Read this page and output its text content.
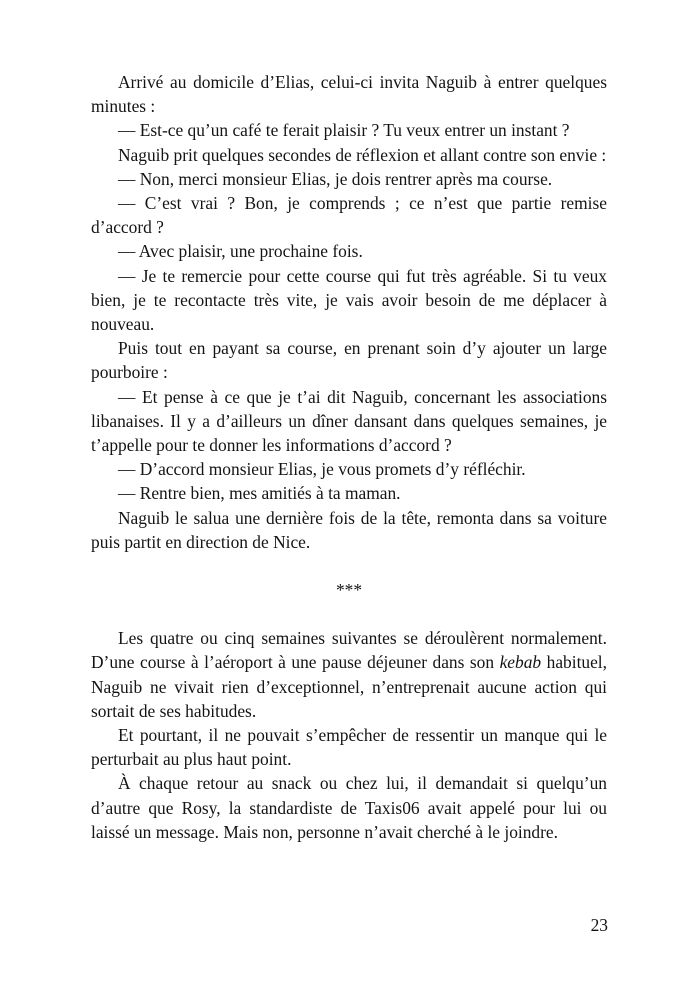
Arrivé au domicile d’Elias, celui-ci invita Naguib à entrer quelques minutes :

— Est-ce qu’un café te ferait plaisir ? Tu veux entrer un instant ?

Naguib prit quelques secondes de réflexion et allant contre son envie :

— Non, merci monsieur Elias, je dois rentrer après ma course.

— C’est vrai ? Bon, je comprends ; ce n’est que partie remise d’accord ?

— Avec plaisir, une prochaine fois.

— Je te remercie pour cette course qui fut très agréable. Si tu veux bien, je te recontacte très vite, je vais avoir besoin de me déplacer à nouveau.

Puis tout en payant sa course, en prenant soin d’y ajouter un large pourboire :

— Et pense à ce que je t’ai dit Naguib, concernant les associations libanaises. Il y a d’ailleurs un dîner dansant dans quelques semaines, je t’appelle pour te donner les informations d’accord ?

— D’accord monsieur Elias, je vous promets d’y réfléchir.

— Rentre bien, mes amitiés à ta maman.

Naguib le salua une dernière fois de la tête, remonta dans sa voiture puis partit en direction de Nice.

***

Les quatre ou cinq semaines suivantes se déroulèrent normalement. D’une course à l’aéroport à une pause déjeuner dans son kebab habituel, Naguib ne vivait rien d’exceptionnel, n’entreprenait aucune action qui sortait de ses habitudes.

Et pourtant, il ne pouvait s’empêcher de ressentir un manque qui le perturbait au plus haut point.

À chaque retour au snack ou chez lui, il demandait si quelqu’un d’autre que Rosy, la standardiste de Taxis06 avait appelé pour lui ou laissé un message. Mais non, personne n’avait cherché à le joindre.

23
